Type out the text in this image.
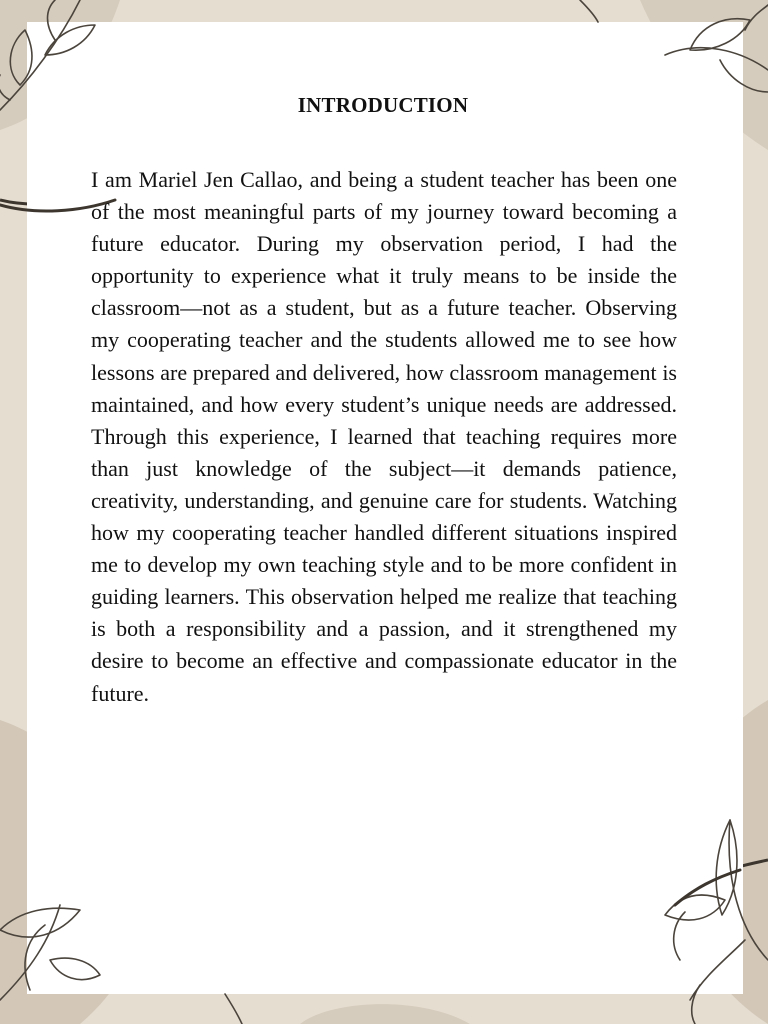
INTRODUCTION

I am Mariel Jen Callao, and being a student teacher has been one of the most meaningful parts of my journey toward becoming a future educator. During my observation period, I had the opportunity to experience what it truly means to be inside the classroom—not as a student, but as a future teacher. Observing my cooperating teacher and the students allowed me to see how lessons are prepared and delivered, how classroom management is maintained, and how every student’s unique needs are addressed. Through this experience, I learned that teaching requires more than just knowledge of the subject—it demands patience, creativity, understanding, and genuine care for students. Watching how my cooperating teacher handled different situations inspired me to develop my own teaching style and to be more confident in guiding learners. This observation helped me realize that teaching is both a responsibility and a passion, and it strengthened my desire to become an effective and compassionate educator in the future.
